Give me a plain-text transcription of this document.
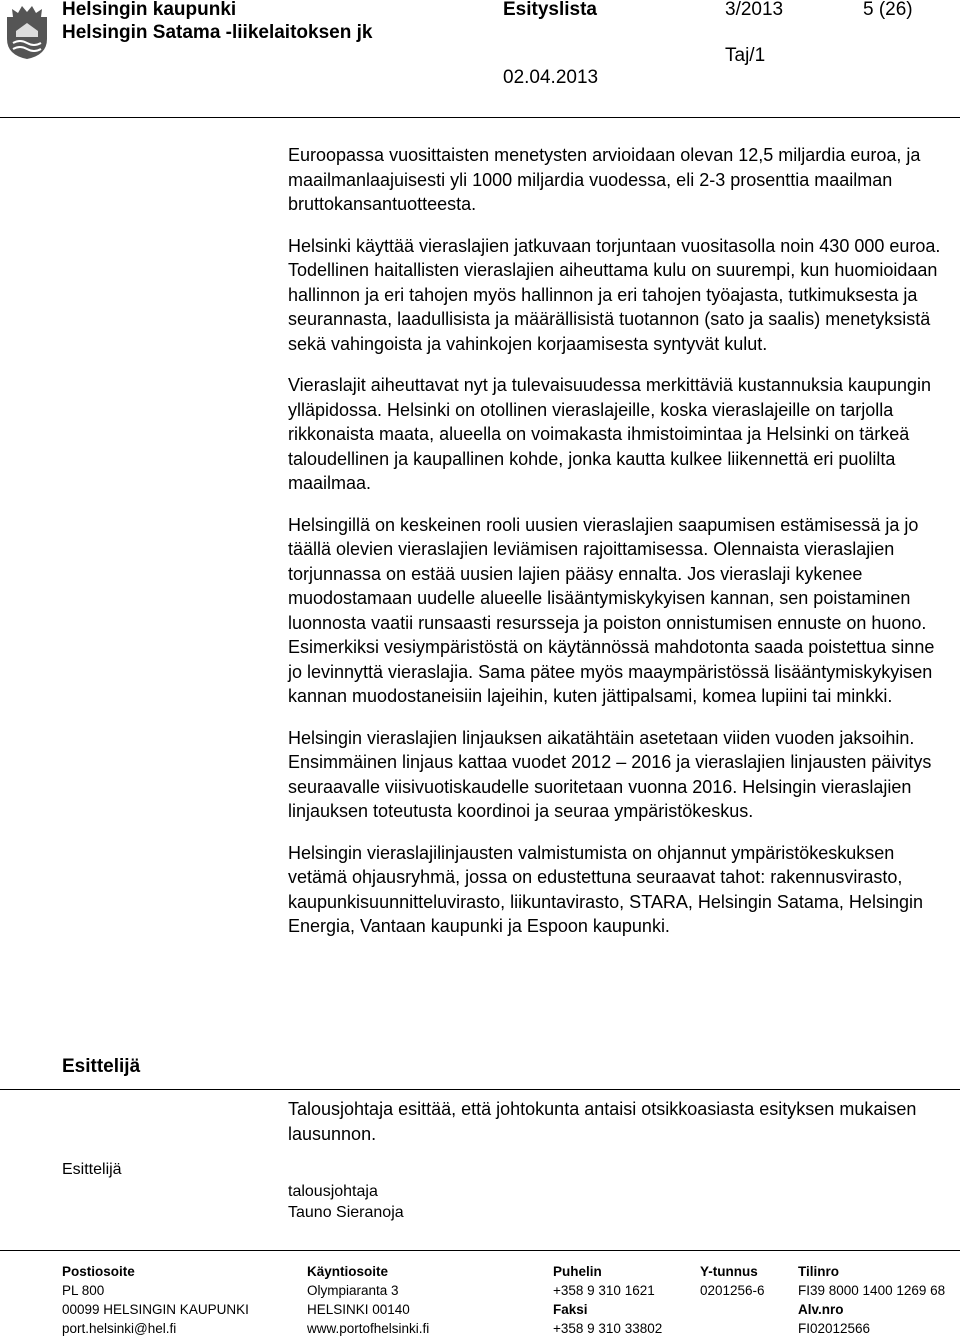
Helsingin kaupunki
Helsingin Satama -liikelaitoksen jk
Esityslista	3/2013	5 (26)
Taj/1
02.04.2013

Euroopassa vuosittaisten menetysten arvioidaan olevan 12,5 miljardia euroa, ja maailmanlaajuisesti yli 1000 miljardia vuodessa, eli 2-3 prosenttia maailman bruttokansantuotteesta.

Helsinki käyttää vieraslajien jatkuvaan torjuntaan vuositasolla noin 430 000 euroa. Todellinen haitallisten vieraslajien aiheuttama kulu on suurempi, kun huomioidaan hallinnon ja eri tahojen myös hallinnon ja eri tahojen työajasta, tutkimuksesta ja seurannasta, laadullisista ja määrällisistä tuotannon (sato ja saalis) menetyksistä sekä vahingoista ja vahinkojen korjaamisesta syntyvät kulut.

Vieraslajit aiheuttavat nyt ja tulevaisuudessa merkittäviä kustannuksia kaupungin ylläpidossa. Helsinki on otollinen vieraslajeille, koska vieraslajeille on tarjolla rikkonaista maata, alueella on voimakasta ihmistoimintaa ja Helsinki on tärkeä taloudellinen ja kaupallinen kohde, jonka kautta kulkee liikennettä eri puolilta maailmaa.

Helsingillä on keskeinen rooli uusien vieraslajien saapumisen estämisessä ja jo täällä olevien vieraslajien leviämisen rajoittamisessa. Olennaista vieraslajien torjunnassa on estää uusien lajien pääsy ennalta. Jos vieraslaji kykenee muodostamaan uudelle alueelle lisääntymiskykyisen kannan, sen poistaminen luonnosta vaatii runsaasti resursseja ja poiston onnistumisen ennuste on huono. Esimerkiksi vesiympäristöstä on käytännössä mahdotonta saada poistettua sinne jo levinnyttä vieraslajia. Sama pätee myös maaympäristössä lisääntymiskykyisen kannan muodostaneisiin lajeihin, kuten jättipalsami, komea lupiini tai minkki.

Helsingin vieraslajien linjauksen aikatähtäin asetetaan viiden vuoden jaksoihin. Ensimmäinen linjaus kattaa vuodet 2012 – 2016 ja vieraslajien linjausten päivitys seuraavalle viisivuotiskaudelle suoritetaan vuonna 2016. Helsingin vieraslajien linjauksen toteutusta koordinoi ja seuraa ympäristökeskus.

Helsingin vieraslajilinjausten valmistumista on ohjannut ympäristökeskuksen vetämä ohjausryhmä, jossa on edustettuna seuraavat tahot: rakennusvirasto, kaupunkisuunnitteluvirasto, liikuntavirasto, STARA, Helsingin Satama, Helsingin Energia, Vantaan kaupunki ja Espoon kaupunki.

Esittelijä
Talousjohtaja esittää, että johtokunta antaisi otsikkoasiasta esityksen mukaisen lausunnon.
Esittelijä
talousjohtaja
Tauno Sieranoja
Postiosoite
PL 800
00099 HELSINGIN KAUPUNKI
port.helsinki@hel.fi
Käyntiosoite
Olympiaranta 3
HELSINKI 00140
www.portofhelsinki.fi
Puhelin
+358 9 310 1621
Faksi
+358 9 310 33802
Y-tunnus
0201256-6
Tilinro
FI39 8000 1400 1269 68
Alv.nro
FI02012566
